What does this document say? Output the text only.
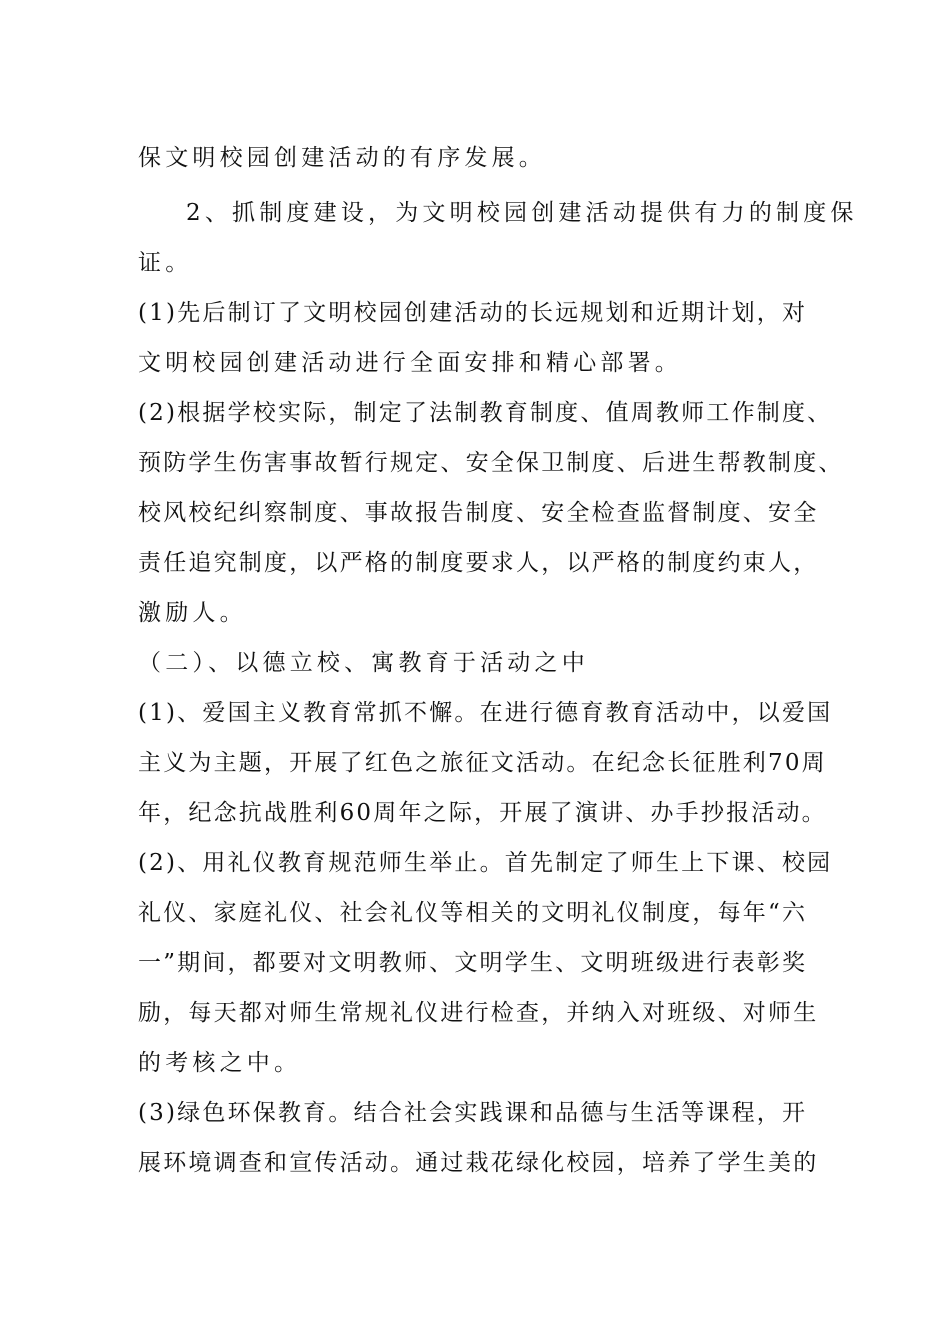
保文明校园创建活动的有序发展。
2、抓制度建设，为文明校园创建活动提供有力的制度保
证。
(1)先后制订了文明校园创建活动的长远规划和近期计划，对
文明校园创建活动进行全面安排和精心部署。
(2)根据学校实际，制定了法制教育制度、值周教师工作制度、
预防学生伤害事故暂行规定、安全保卫制度、后进生帮教制度、
校风校纪纠察制度、事故报告制度、安全检查监督制度、安全
责任追究制度，以严格的制度要求人，以严格的制度约束人，
激励人。
（二）、以德立校、寓教育于活动之中
(1)、爱国主义教育常抓不懈。在进行德育教育活动中，以爱国
主义为主题，开展了红色之旅征文活动。在纪念长征胜利70周
年，纪念抗战胜利60周年之际，开展了演讲、办手抄报活动。
(2)、用礼仪教育规范师生举止。首先制定了师生上下课、校园
礼仪、家庭礼仪、社会礼仪等相关的文明礼仪制度，每年“六
一”期间，都要对文明教师、文明学生、文明班级进行表彰奖
励，每天都对师生常规礼仪进行检查，并纳入对班级、对师生
的考核之中。
(3)绿色环保教育。结合社会实践课和品德与生活等课程，开
展环境调查和宣传活动。通过栽花绿化校园，培养了学生美的
